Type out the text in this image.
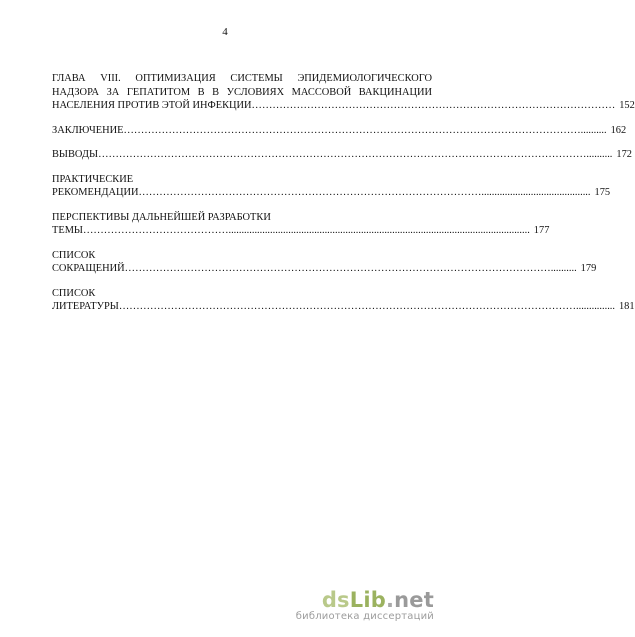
4
ГЛАВА VIII. ОПТИМИЗАЦИЯ СИСТЕМЫ ЭПИДЕМИОЛОГИЧЕСКОГО
НАДЗОРА ЗА ГЕПАТИТОМ В В УСЛОВИЯХ МАССОВОЙ ВАКЦИНАЦИИ
НАСЕЛЕНИЯ ПРОТИВ ЭТОЙ ИНФЕКЦИИ …………………………………………………………………………………………… 152
ЗАКЛЮЧЕНИЕ …………………………………………………………………………………………………………………….......... 162
ВЫВОДЫ …………………………………………………………………………………………………………………………….......... 172
ПРАКТИЧЕСКИЕ
РЕКОМЕНДАЦИИ ……………………………………………………………………………………….......................................... 175
ПЕРСПЕКТИВЫ ДАЛЬНЕЙШЕЙ РАЗРАБОТКИ
ТЕМЫ …………………………………….................................................................................................................... 177
СПИСОК
СОКРАЩЕНИЙ …………………………………………………………………………………………………………….......... 179
СПИСОК
ЛИТЕРАТУРЫ ……………………………………………………………………………………………………………………............... 181
dsLib.net
библиотека диссертаций
